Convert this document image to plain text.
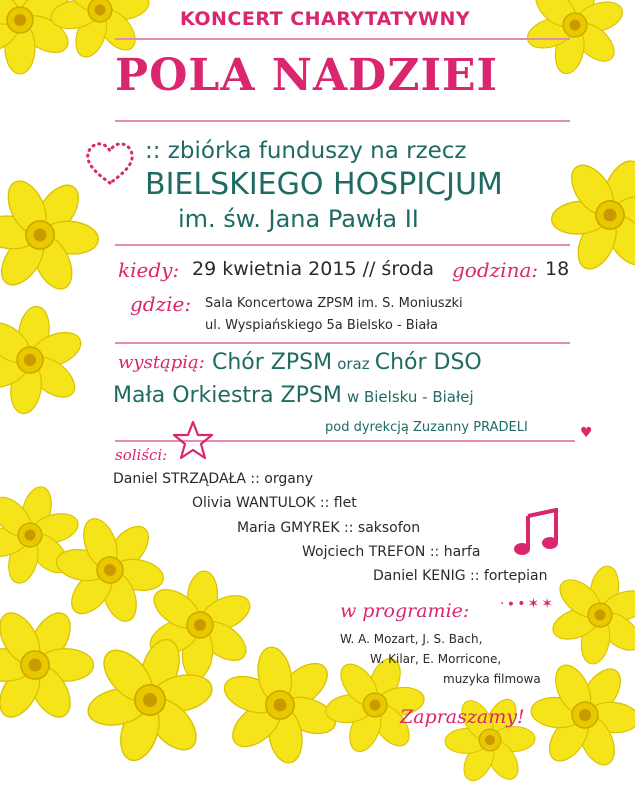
KONCERT CHARYTATYWNY
POLA NADZIEI
:: zbiórka funduszy na rzecz
BIELSKIEGO HOSPICJUM
im. św. Jana Pawła II
kiedy: 29 kwietnia 2015 // środa godzina: 18
gdzie: Sala Koncertowa ZPSM im. S. Moniuszki
ul. Wyspiańskiego 5a Bielsko - Biała
wystąpią: Chór ZPSM oraz Chór DSO
Mała Orkiestra ZPSM w Bielsku - Białej
pod dyrekcją Zuzanny PRADELI	♥
soliści:
Daniel STRZĄDAŁA :: organy
Olivia WANTULOK :: flet
Maria GMYREK :: saksofon
Wojciech TREFON :: harfa
Daniel KENIG :: fortepian
w programie: ·∙•✶✶
W. A. Mozart, J. S. Bach,
W. Kilar, E. Morricone,
muzyka filmowa
Zapraszamy!
